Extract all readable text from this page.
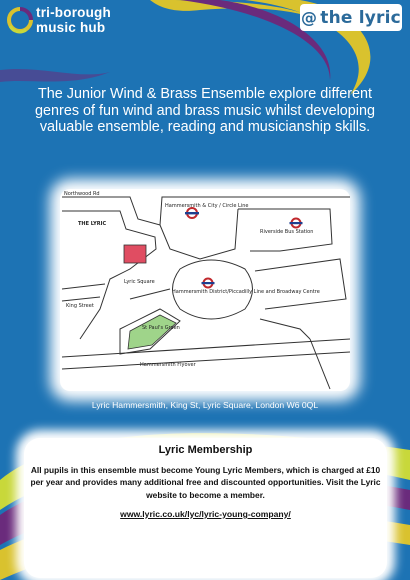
tri-borough
music hub
@ the lyric
The Junior Wind & Brass Ensemble explore different genres of fun wind and brass music whilst developing valuable ensemble, reading and musicianship skills.
Northwood Rd
THE LYRIC
Hammersmith & City / Circle Line
Hammersmith District/Piccadilly Line and Broadway Centre
Lyric Square
King Street
St Paul's Green
Hammersmith Flyover
Riverside Bus Station
Lyric Hammersmith, King St, Lyric Square, London W6 0QL
Lyric Membership
All pupils in this ensemble must become Young Lyric Members, which is charged at £10 per year and provides many additional free and discounted opportunities. Visit the Lyric website to become a member.
www.lyric.co.uk/lyc/lyric-young-company/
